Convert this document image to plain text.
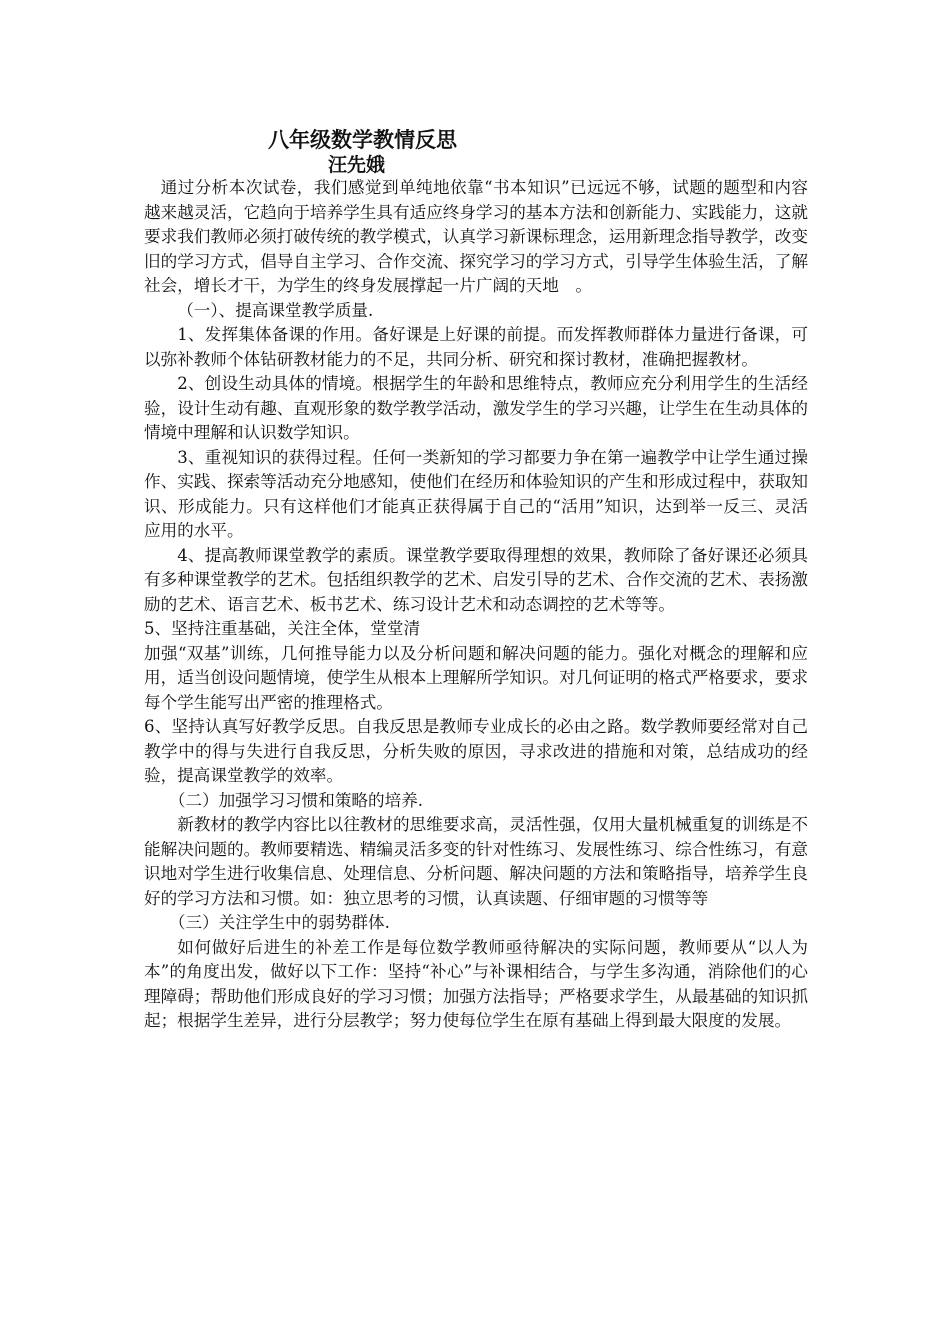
八年级数学教情反思
汪先娥

通过分析本次试卷，我们感觉到单纯地依靠“书本知识”已远远不够，试题的题型和内容越来越灵活，它趋向于培养学生具有适应终身学习的基本方法和创新能力、实践能力，这就要求我们教师必须打破传统的教学模式，认真学习新课标理念，运用新理念指导教学，改变旧的学习方式，倡导自主学习、合作交流、探究学习的学习方式，引导学生体验生活，了解社会，增长才干，为学生的终身发展撑起一片广阔的天地　。

（一）、提高课堂教学质量.

1、发挥集体备课的作用。备好课是上好课的前提。而发挥教师群体力量进行备课，可以弥补教师个体钻研教材能力的不足，共同分析、研究和探讨教材，准确把握教材。

2、创设生动具体的情境。根据学生的年龄和思维特点，教师应充分利用学生的生活经验，设计生动有趣、直观形象的数学教学活动，激发学生的学习兴趣，让学生在生动具体的情境中理解和认识数学知识。

3、重视知识的获得过程。任何一类新知的学习都要力争在第一遍教学中让学生通过操作、实践、探索等活动充分地感知，使他们在经历和体验知识的产生和形成过程中，获取知识、形成能力。只有这样他们才能真正获得属于自己的“活用”知识，达到举一反三、灵活应用的水平。

4、提高教师课堂教学的素质。课堂教学要取得理想的效果，教师除了备好课还必须具有多种课堂教学的艺术。包括组织教学的艺术、启发引导的艺术、合作交流的艺术、表扬激励的艺术、语言艺术、板书艺术、练习设计艺术和动态调控的艺术等等。

5、坚持注重基础，关注全体，堂堂清

加强“双基”训练，几何推导能力以及分析问题和解决问题的能力。强化对概念的理解和应用，适当创设问题情境，使学生从根本上理解所学知识。对几何证明的格式严格要求，要求每个学生能写出严密的推理格式。

6、坚持认真写好教学反思。自我反思是教师专业成长的必由之路。数学教师要经常对自己教学中的得与失进行自我反思，分析失败的原因，寻求改进的措施和对策，总结成功的经验，提高课堂教学的效率。

（二）加强学习习惯和策略的培养.

新教材的教学内容比以往教材的思维要求高，灵活性强，仅用大量机械重复的训练是不能解决问题的。教师要精选、精编灵活多变的针对性练习、发展性练习、综合性练习，有意识地对学生进行收集信息、处理信息、分析问题、解决问题的方法和策略指导，培养学生良好的学习方法和习惯。如：独立思考的习惯，认真读题、仔细审题的习惯等等

（三）关注学生中的弱势群体.

如何做好后进生的补差工作是每位数学教师亟待解决的实际问题，教师要从“以人为本”的角度出发，做好以下工作：坚持“补心”与补课相结合，与学生多沟通，消除他们的心理障碍；帮助他们形成良好的学习习惯；加强方法指导；严格要求学生，从最基础的知识抓起；根据学生差异，进行分层教学；努力使每位学生在原有基础上得到最大限度的发展。
